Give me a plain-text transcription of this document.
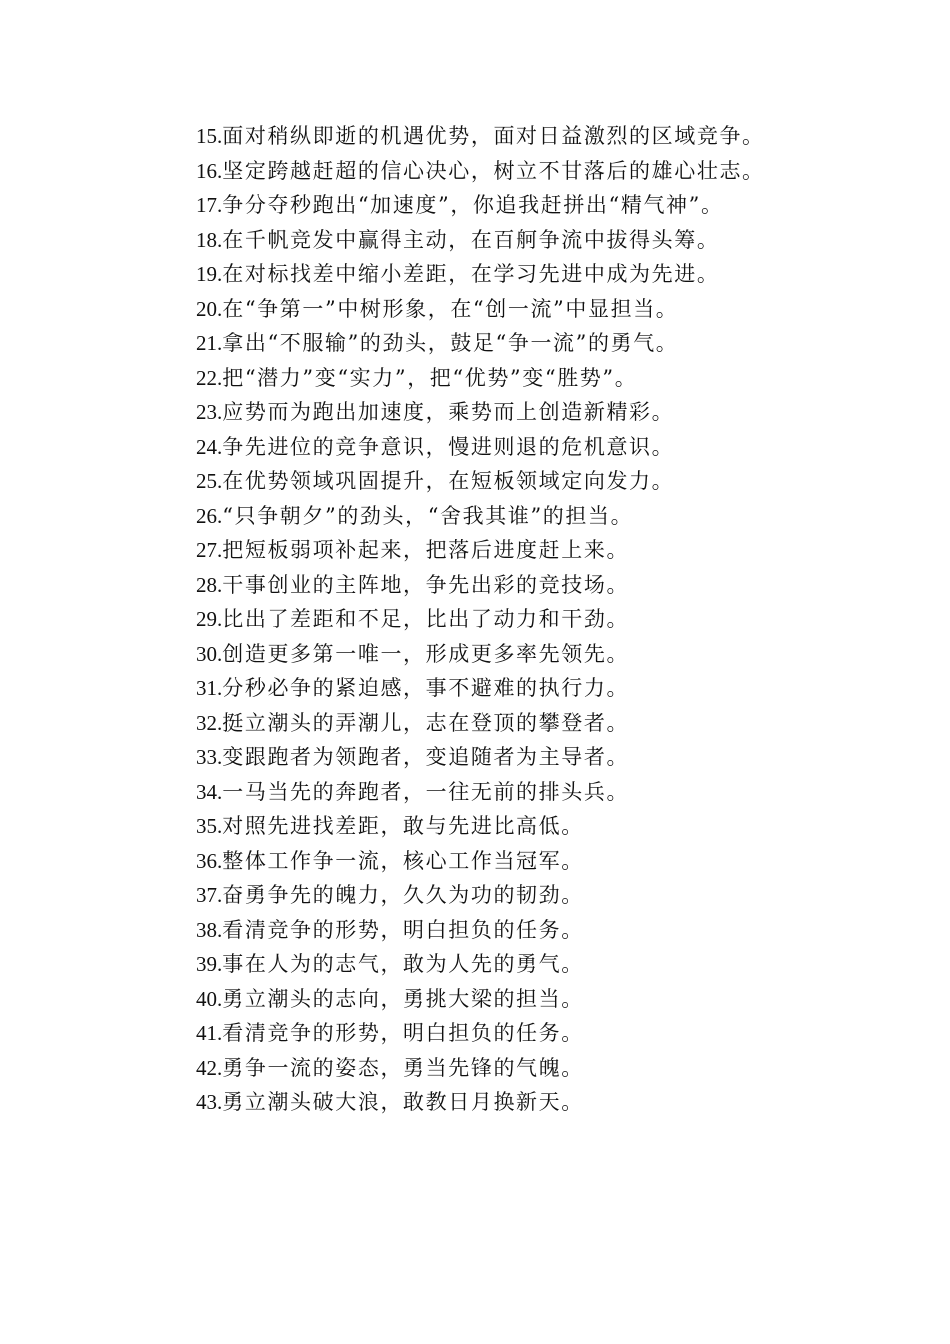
15.面对稍纵即逝的机遇优势，面对日益激烈的区域竞争。

16.坚定跨越赶超的信心决心，树立不甘落后的雄心壮志。

17.争分夺秒跑出“加速度”，你追我赶拼出“精气神”。

18.在千帆竞发中赢得主动，在百舸争流中拔得头筹。

19.在对标找差中缩小差距，在学习先进中成为先进。

20.在“争第一”中树形象，在“创一流”中显担当。

21.拿出“不服输”的劲头，鼓足“争一流”的勇气。

22.把“潜力”变“实力”，把“优势”变“胜势”。

23.应势而为跑出加速度，乘势而上创造新精彩。

24.争先进位的竞争意识，慢进则退的危机意识。

25.在优势领域巩固提升，在短板领域定向发力。

26.“只争朝夕”的劲头，“舍我其谁”的担当。

27.把短板弱项补起来，把落后进度赶上来。

28.干事创业的主阵地，争先出彩的竞技场。

29.比出了差距和不足，比出了动力和干劲。

30.创造更多第一唯一，形成更多率先领先。

31.分秒必争的紧迫感，事不避难的执行力。

32.挺立潮头的弄潮儿，志在登顶的攀登者。

33.变跟跑者为领跑者，变追随者为主导者。

34.一马当先的奔跑者，一往无前的排头兵。

35.对照先进找差距，敢与先进比高低。

36.整体工作争一流，核心工作当冠军。

37.奋勇争先的魄力，久久为功的韧劲。

38.看清竞争的形势，明白担负的任务。

39.事在人为的志气，敢为人先的勇气。

40.勇立潮头的志向，勇挑大梁的担当。

41.看清竞争的形势，明白担负的任务。

42.勇争一流的姿态，勇当先锋的气魄。

43.勇立潮头破大浪，敢教日月换新天。
